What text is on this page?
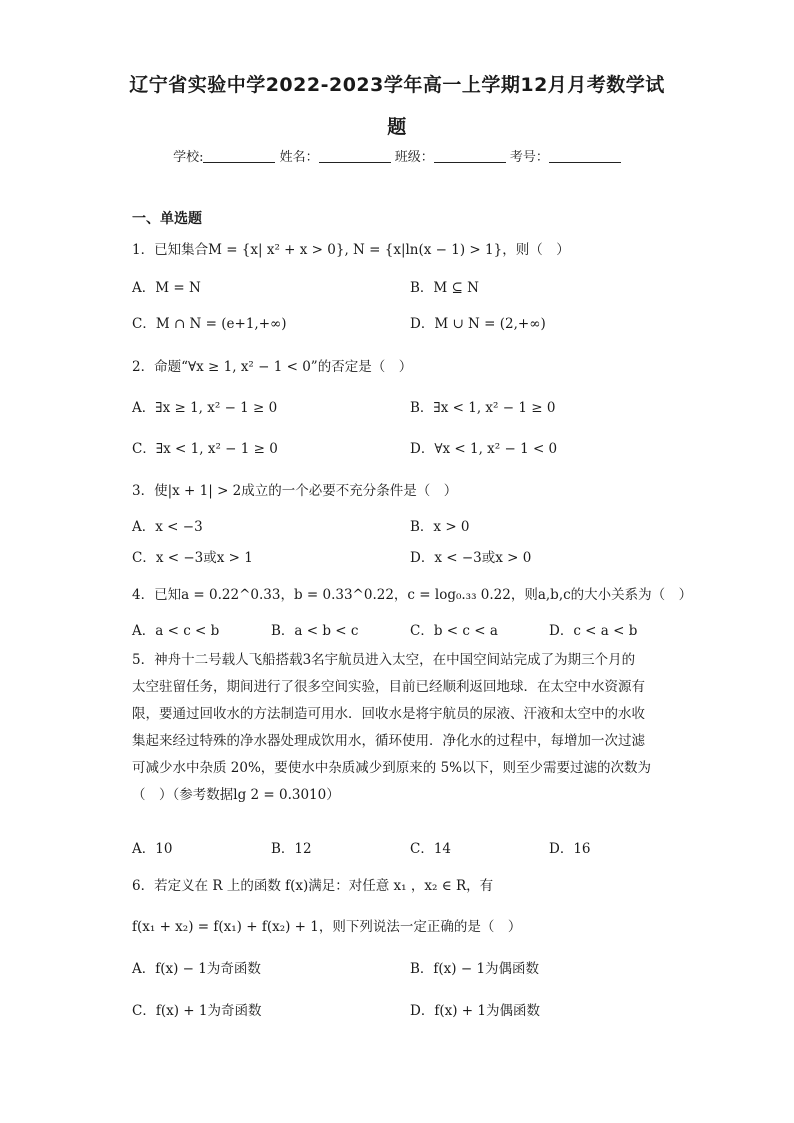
辽宁省实验中学2022-2023学年高一上学期12月月考数学试
题
学校:	姓名：	班级：	考号：
一、单选题
1．已知集合M = {x| x² + x > 0}, N = {x|ln(x − 1) > 1}，则（　）
A．M = N	B．M ⊆ N
C．M ∩ N = (e+1,+∞)	D．M ∪ N = (2,+∞)
2．命题“∀x ≥ 1, x² − 1 < 0”的否定是（　）
A．∃x ≥ 1, x² − 1 ≥ 0	B．∃x < 1, x² − 1 ≥ 0
C．∃x < 1, x² − 1 ≥ 0	D．∀x < 1, x² − 1 < 0
3．使|x + 1| > 2成立的一个必要不充分条件是（　）
A．x < −3	B．x > 0
C．x < −3或x > 1	D．x < −3或x > 0
4．已知a = 0.22^0.33，b = 0.33^0.22，c = log₀.₃₃ 0.22，则a,b,c的大小关系为（　）
A．a < c < b	B．a < b < c	C．b < c < a	D．c < a < b
5．神舟十二号载人飞船搭载3名宇航员进入太空，在中国空间站完成了为期三个月的
太空驻留任务，期间进行了很多空间实验，目前已经顺利返回地球．在太空中水资源有
限，要通过回收水的方法制造可用水．回收水是将宇航员的尿液、汗液和太空中的水收
集起来经过特殊的净水器处理成饮用水，循环使用．净化水的过程中，每增加一次过滤
可减少水中杂质 20%，要使水中杂质减少到原来的 5%以下，则至少需要过滤的次数为
（　）（参考数据lg 2 = 0.3010）
A．10	B．12	C．14	D．16
6．若定义在 R 上的函数 f(x)满足：对任意 x₁ ，x₂ ∈ R，有
f(x₁ + x₂) = f(x₁) + f(x₂) + 1，则下列说法一定正确的是（　）
A．f(x) − 1为奇函数	B．f(x) − 1为偶函数
C．f(x) + 1为奇函数	D．f(x) + 1为偶函数
